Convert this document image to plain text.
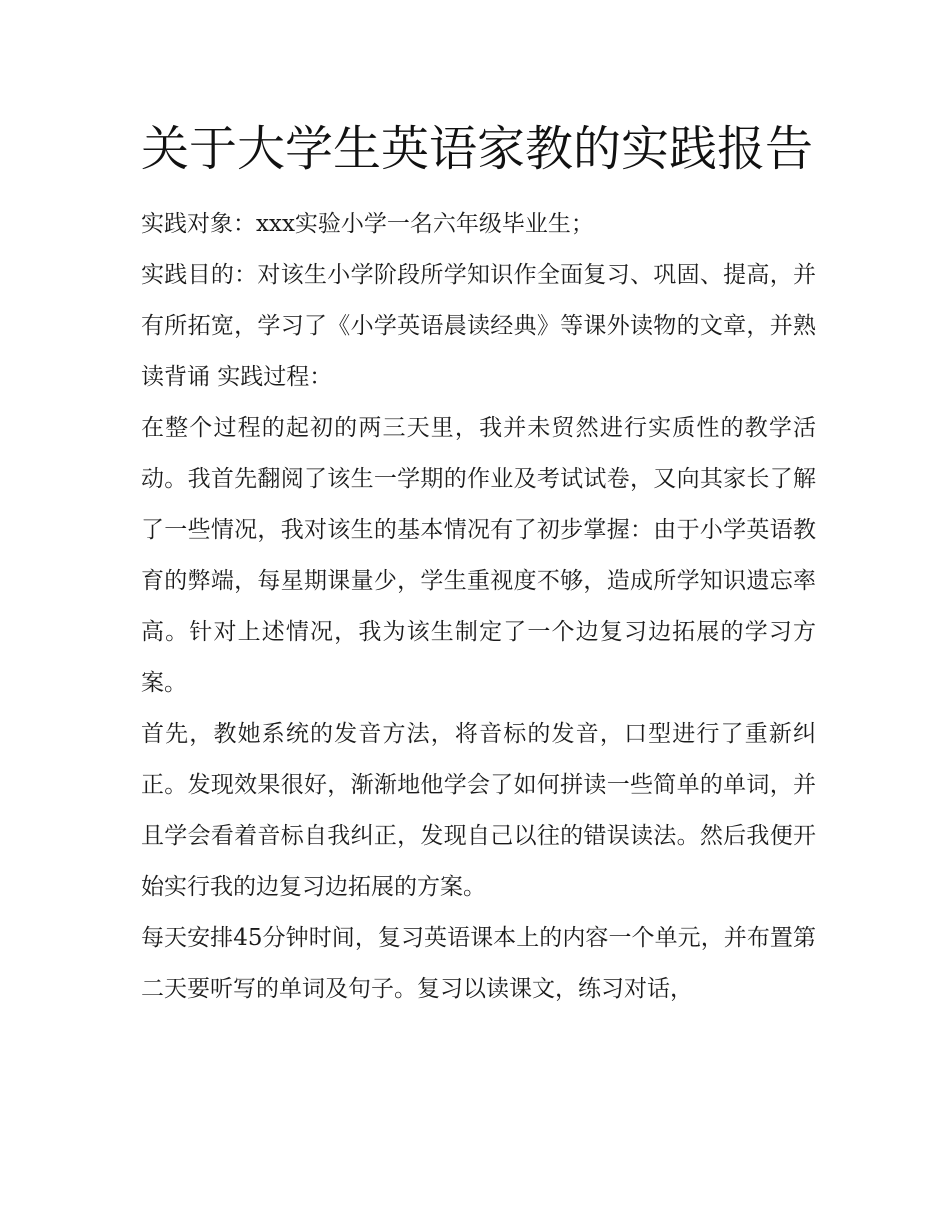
关于大学生英语家教的实践报告

实践对象：xxx实验小学一名六年级毕业生；

实践目的：对该生小学阶段所学知识作全面复习、巩固、提高，并有所拓宽，学习了《小学英语晨读经典》等课外读物的文章，并熟读背诵 实践过程：

在整个过程的起初的两三天里，我并未贸然进行实质性的教学活动。我首先翻阅了该生一学期的作业及考试试卷，又向其家长了解了一些情况，我对该生的基本情况有了初步掌握：由于小学英语教育的弊端，每星期课量少，学生重视度不够，造成所学知识遗忘率高。针对上述情况，我为该生制定了一个边复习边拓展的学习方案。

首先，教她系统的发音方法，将音标的发音，口型进行了重新纠正。发现效果很好，渐渐地他学会了如何拼读一些简单的单词，并且学会看着音标自我纠正，发现自己以往的错误读法。然后我便开始实行我的边复习边拓展的方案。

每天安排45分钟时间，复习英语课本上的内容一个单元，并布置第二天要听写的单词及句子。复习以读课文，练习对话，
